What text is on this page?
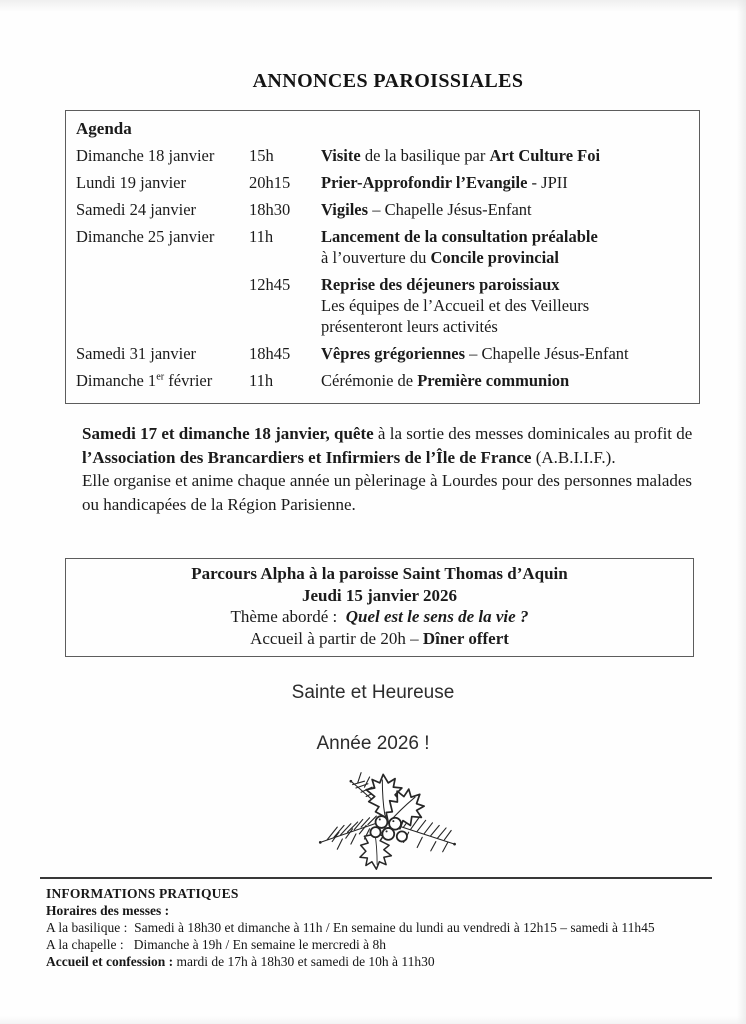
ANNONCES PAROISSIALES
Agenda
Dimanche 18 janvier	15h	Visite de la basilique par Art Culture Foi
Lundi 19 janvier	20h15	Prier-Approfondir l’Evangile - JPII
Samedi 24 janvier	18h30	Vigiles – Chapelle Jésus-Enfant
Dimanche 25 janvier	11h	Lancement de la consultation préalable
à l’ouverture du Concile provincial
12h45	Reprise des déjeuners paroissiaux
Les équipes de l’Accueil et des Veilleurs
présenteront leurs activités
Samedi 31 janvier	18h45	Vêpres grégoriennes – Chapelle Jésus-Enfant
Dimanche 1er février	11h	Cérémonie de Première communion

Samedi 17 et dimanche 18 janvier, quête à la sortie des messes dominicales au profit de l’Association des Brancardiers et Infirmiers de l’Île de France (A.B.I.I.F.).
Elle organise et anime chaque année un pèlerinage à Lourdes pour des personnes malades ou handicapées de la Région Parisienne.

Parcours Alpha à la paroisse Saint Thomas d’Aquin
Jeudi 15 janvier 2026
Thème abordé :  Quel est le sens de la vie ?
Accueil à partir de 20h – Dîner offert
Sainte et Heureuse
Année 2026 !
INFORMATIONS PRATIQUES
Horaires des messes :
A la basilique :  Samedi à 18h30 et dimanche à 11h / En semaine du lundi au vendredi à 12h15 – samedi à 11h45
A la chapelle :   Dimanche à 19h / En semaine le mercredi à 8h
Accueil et confession : mardi de 17h à 18h30 et samedi de 10h à 11h30
